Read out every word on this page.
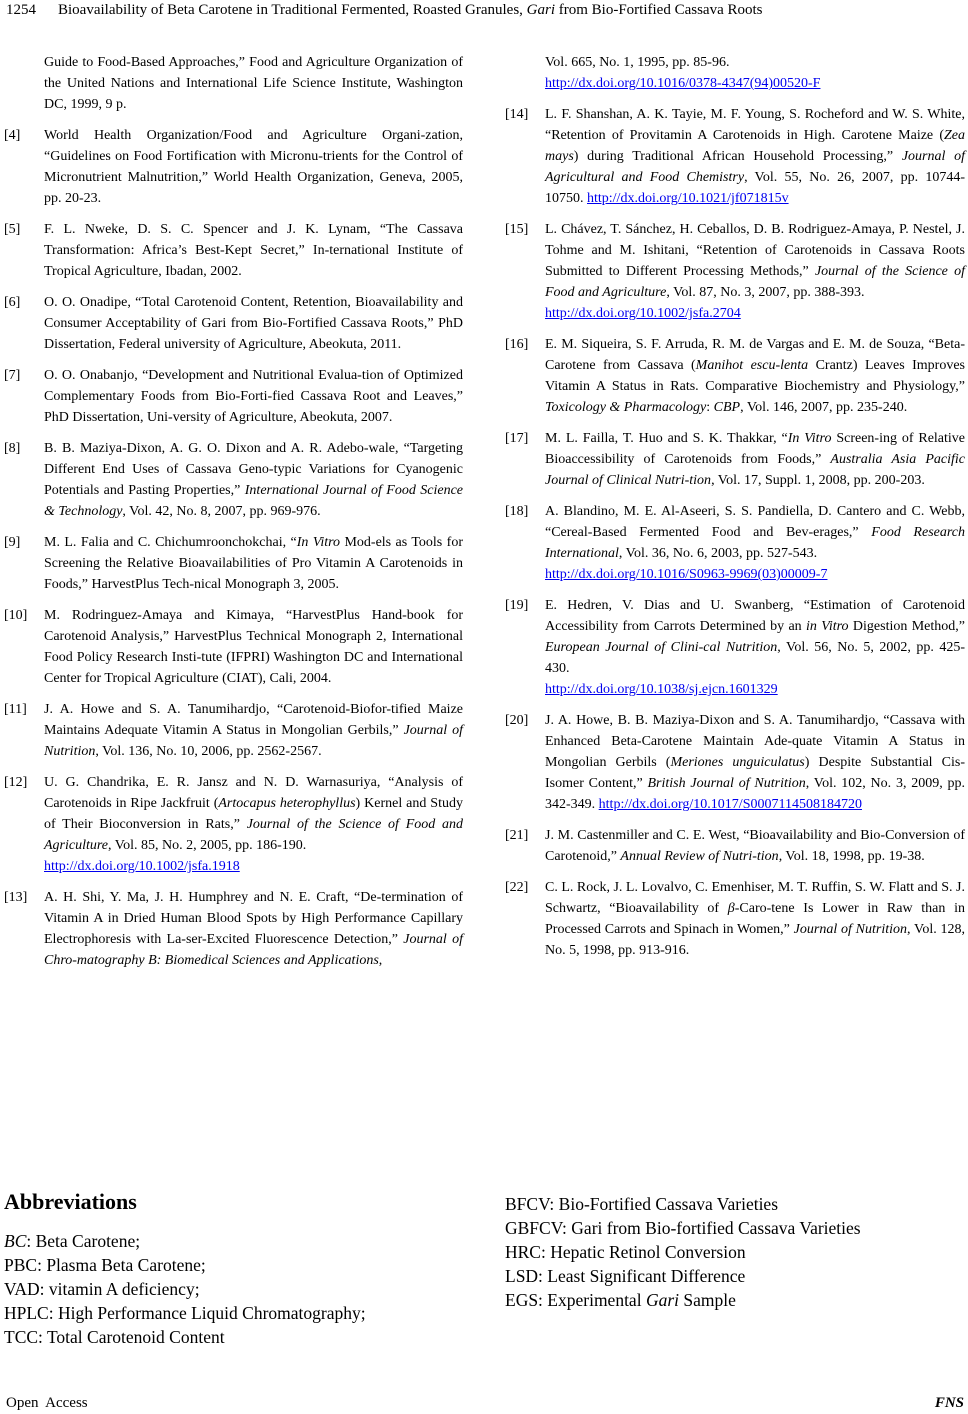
1254 Bioavailability of Beta Carotene in Traditional Fermented, Roasted Granules, Gari from Bio-Fortified Cassava Roots
Guide to Food-Based Approaches,” Food and Agriculture Organization of the United Nations and International Life Science Institute, Washington DC, 1999, 9 p.
[4] World Health Organization/Food and Agriculture Organi-zation, “Guidelines on Food Fortification with Micronu-trients for the Control of Micronutrient Malnutrition,” World Health Organization, Geneva, 2005, pp. 20-23.
[5] F. L. Nweke, D. S. C. Spencer and J. K. Lynam, “The Cassava Transformation: Africa’s Best-Kept Secret,” In-ternational Institute of Tropical Agriculture, Ibadan, 2002.
[6] O. O. Onadipe, “Total Carotenoid Content, Retention, Bioavailability and Consumer Acceptability of Gari from Bio-Fortified Cassava Roots,” PhD Dissertation, Federal university of Agriculture, Abeokuta, 2011.
[7] O. O. Onabanjo, “Development and Nutritional Evalua-tion of Optimized Complementary Foods from Bio-Forti-fied Cassava Root and Leaves,” PhD Dissertation, Uni-versity of Agriculture, Abeokuta, 2007.
[8] B. B. Maziya-Dixon, A. G. O. Dixon and A. R. Adebo-wale, “Targeting Different End Uses of Cassava Geno-typic Variations for Cyanogenic Potentials and Pasting Properties,” International Journal of Food Science & Technology, Vol. 42, No. 8, 2007, pp. 969-976.
[9] M. L. Falia and C. Chichumroonchokchai, “In Vitro Mod-els as Tools for Screening the Relative Bioavailabilities of Pro Vitamin A Carotenoids in Foods,” HarvestPlus Tech-nical Monograph 3, 2005.
[10] M. Rodringuez-Amaya and Kimaya, “HarvestPlus Hand-book for Carotenoid Analysis,” HarvestPlus Technical Monograph 2, International Food Policy Research Insti-tute (IFPRI) Washington DC and International Center for Tropical Agriculture (CIAT), Cali, 2004.
[11] J. A. Howe and S. A. Tanumihardjo, “Carotenoid-Biofor-tified Maize Maintains Adequate Vitamin A Status in Mongolian Gerbils,” Journal of Nutrition, Vol. 136, No. 10, 2006, pp. 2562-2567.
[12] U. G. Chandrika, E. R. Jansz and N. D. Warnasuriya, “Analysis of Carotenoids in Ripe Jackfruit (Artocapus heterophyllus) Kernel and Study of Their Bioconversion in Rats,” Journal of the Science of Food and Agriculture, Vol. 85, No. 2, 2005, pp. 186-190.
http://dx.doi.org/10.1002/jsfa.1918
[13] A. H. Shi, Y. Ma, J. H. Humphrey and N. E. Craft, “De-termination of Vitamin A in Dried Human Blood Spots by High Performance Capillary Electrophoresis with La-ser-Excited Fluorescence Detection,” Journal of Chro-matography B: Biomedical Sciences and Applications,
Vol. 665, No. 1, 1995, pp. 85-96.
http://dx.doi.org/10.1016/0378-4347(94)00520-F
[14] L. F. Shanshan, A. K. Tayie, M. F. Young, S. Rocheford and W. S. White, “Retention of Provitamin A Carotenoids in High. Carotene Maize (Zea mays) during Traditional African Household Processing,” Journal of Agricultural and Food Chemistry, Vol. 55, No. 26, 2007, pp. 10744-10750. http://dx.doi.org/10.1021/jf071815v
[15] L. Chávez, T. Sánchez, H. Ceballos, D. B. Rodriguez-Amaya, P. Nestel, J. Tohme and M. Ishitani, “Retention of Carotenoids in Cassava Roots Submitted to Different Processing Methods,” Journal of the Science of Food and Agriculture, Vol. 87, No. 3, 2007, pp. 388-393.
http://dx.doi.org/10.1002/jsfa.2704
[16] E. M. Siqueira, S. F. Arruda, R. M. de Vargas and E. M. de Souza, “Beta-Carotene from Cassava (Manihot escu-lenta Crantz) Leaves Improves Vitamin A Status in Rats. Comparative Biochemistry and Physiology,” Toxicology & Pharmacology: CBP, Vol. 146, 2007, pp. 235-240.
[17] M. L. Failla, T. Huo and S. K. Thakkar, “In Vitro Screen-ing of Relative Bioaccessibility of Carotenoids from Foods,” Australia Asia Pacific Journal of Clinical Nutri-tion, Vol. 17, Suppl. 1, 2008, pp. 200-203.
[18] A. Blandino, M. E. Al-Aseeri, S. S. Pandiella, D. Cantero and C. Webb, “Cereal-Based Fermented Food and Bev-erages,” Food Research International, Vol. 36, No. 6, 2003, pp. 527-543.
http://dx.doi.org/10.1016/S0963-9969(03)00009-7
[19] E. Hedren, V. Dias and U. Swanberg, “Estimation of Carotenoid Accessibility from Carrots Determined by an in Vitro Digestion Method,” European Journal of Clini-cal Nutrition, Vol. 56, No. 5, 2002, pp. 425-430.
http://dx.doi.org/10.1038/sj.ejcn.1601329
[20] J. A. Howe, B. B. Maziya-Dixon and S. A. Tanumihardjo, “Cassava with Enhanced Beta-Carotene Maintain Ade-quate Vitamin A Status in Mongolian Gerbils (Meriones unguiculatus) Despite Substantial Cis-Isomer Content,” British Journal of Nutrition, Vol. 102, No. 3, 2009, pp. 342-349. http://dx.doi.org/10.1017/S0007114508184720
[21] J. M. Castenmiller and C. E. West, “Bioavailability and Bio-Conversion of Carotenoid,” Annual Review of Nutri-tion, Vol. 18, 1998, pp. 19-38.
[22] C. L. Rock, J. L. Lovalvo, C. Emenhiser, M. T. Ruffin, S. W. Flatt and S. J. Schwartz, “Bioavailability of β-Caro-tene Is Lower in Raw than in Processed Carrots and Spinach in Women,” Journal of Nutrition, Vol. 128, No. 5, 1998, pp. 913-916.
Abbreviations
BC: Beta Carotene;
PBC: Plasma Beta Carotene;
VAD: vitamin A deficiency;
HPLC: High Performance Liquid Chromatography;
TCC: Total Carotenoid Content
BFCV: Bio-Fortified Cassava Varieties
GBFCV: Gari from Bio-fortified Cassava Varieties
HRC: Hepatic Retinol Conversion
LSD: Least Significant Difference
EGS: Experimental Gari Sample
Open  Access	FNS
